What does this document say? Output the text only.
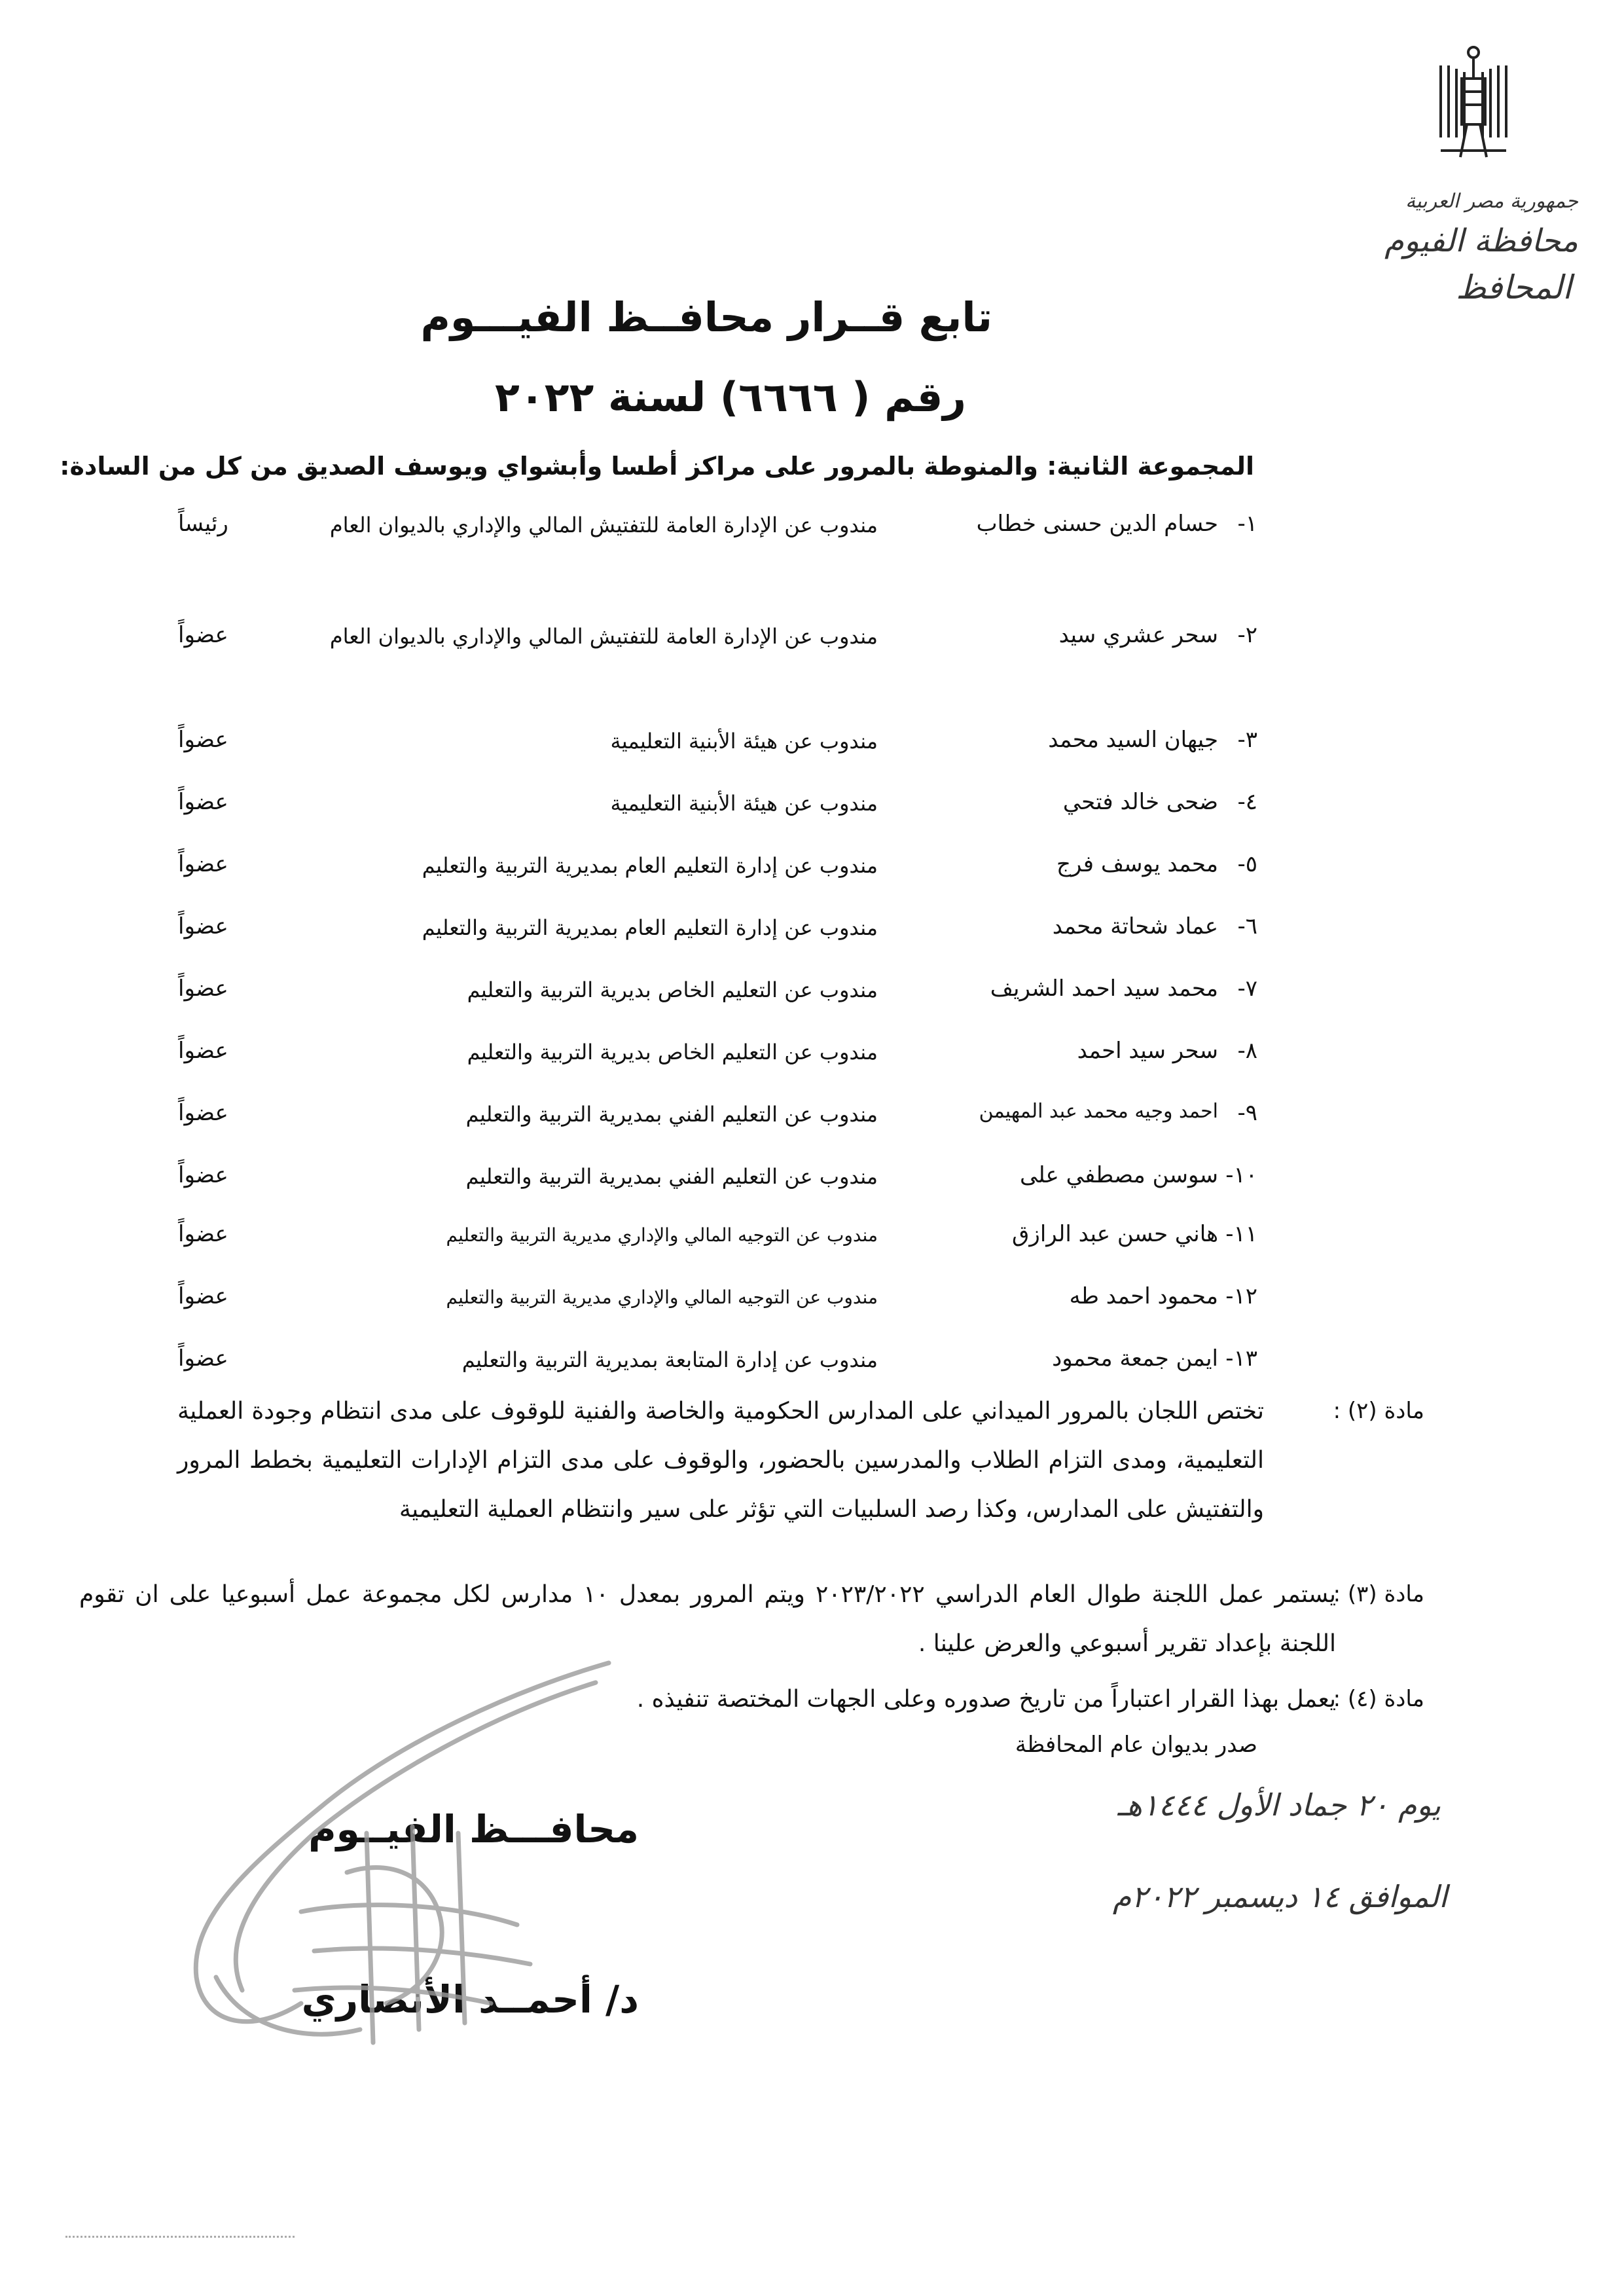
جمهورية مصر العربية
محافظة الفيوم
المحافظ
تابع قــرار محافــظ الفيـــوم
رقم ( ٦٦٦٦) لسنة ٢٠٢٢
المجموعة الثانية: والمنوطة بالمرور على مراكز أطسا وأبشواي ويوسف الصديق من كل من السادة:
١-
حسام الدين حسنى خطاب
مندوب عن الإدارة العامة للتفتيش المالي والإداري بالديوان العام
رئيساً
٢-
سحر عشري سيد
مندوب عن الإدارة العامة للتفتيش المالي والإداري بالديوان العام
عضواً
٣-
جيهان السيد محمد
مندوب عن هيئة الأبنية التعليمية
عضواً
٤-
ضحى خالد فتحي
مندوب عن هيئة الأبنية التعليمية
عضواً
٥-
محمد يوسف فرج
مندوب عن إدارة التعليم العام بمديرية التربية والتعليم
عضواً
٦-
عماد شحاتة محمد
مندوب عن إدارة التعليم العام بمديرية التربية والتعليم
عضواً
٧-
محمد سيد احمد الشريف
مندوب عن التعليم الخاص بديرية التربية والتعليم
عضواً
٨-
سحر سيد احمد
مندوب عن التعليم الخاص بديرية التربية والتعليم
عضواً
٩-
احمد وجيه محمد عبد المهيمن
مندوب عن التعليم الفني بمديرية التربية والتعليم
عضواً
١٠-
سوسن مصطفي على
مندوب عن التعليم الفني بمديرية التربية والتعليم
عضواً
١١-
هاني حسن عبد الرازق
مندوب عن التوجيه المالي والإداري مديرية التربية والتعليم
عضواً
١٢-
محمود احمد طه
مندوب عن التوجيه المالي والإداري مديرية التربية والتعليم
عضواً
١٣-
ايمن جمعة محمود
مندوب عن إدارة المتابعة بمديرية التربية والتعليم
عضواً
مادة (٢) :
تختص اللجان بالمرور الميداني على المدارس الحكومية والخاصة والفنية للوقوف على مدى انتظام وجودة العملية التعليمية، ومدى التزام الطلاب والمدرسين بالحضور، والوقوف على مدى التزام الإدارات التعليمية بخطط المرور والتفتيش على المدارس، وكذا رصد السلبيات التي تؤثر على سير وانتظام العملية التعليمية
مادة (٣) :
يستمر عمل اللجنة طوال العام الدراسي ٢٠٢٣/٢٠٢٢ ويتم المرور بمعدل ١٠ مدارس لكل مجموعة عمل أسبوعيا على ان تقوم اللجنة بإعداد تقرير أسبوعي والعرض علينا .
مادة (٤) :
يعمل بهذا القرار اعتباراً من تاريخ صدوره وعلى الجهات المختصة تنفيذه .
صدر بديوان عام المحافظة
يوم ٢٠ جماد الأول ١٤٤٤هـ
الموافق ١٤ ديسمبر ٢٠٢٢م
محافـــظ الفيــوم
د/ أحمــد الأنصاري
